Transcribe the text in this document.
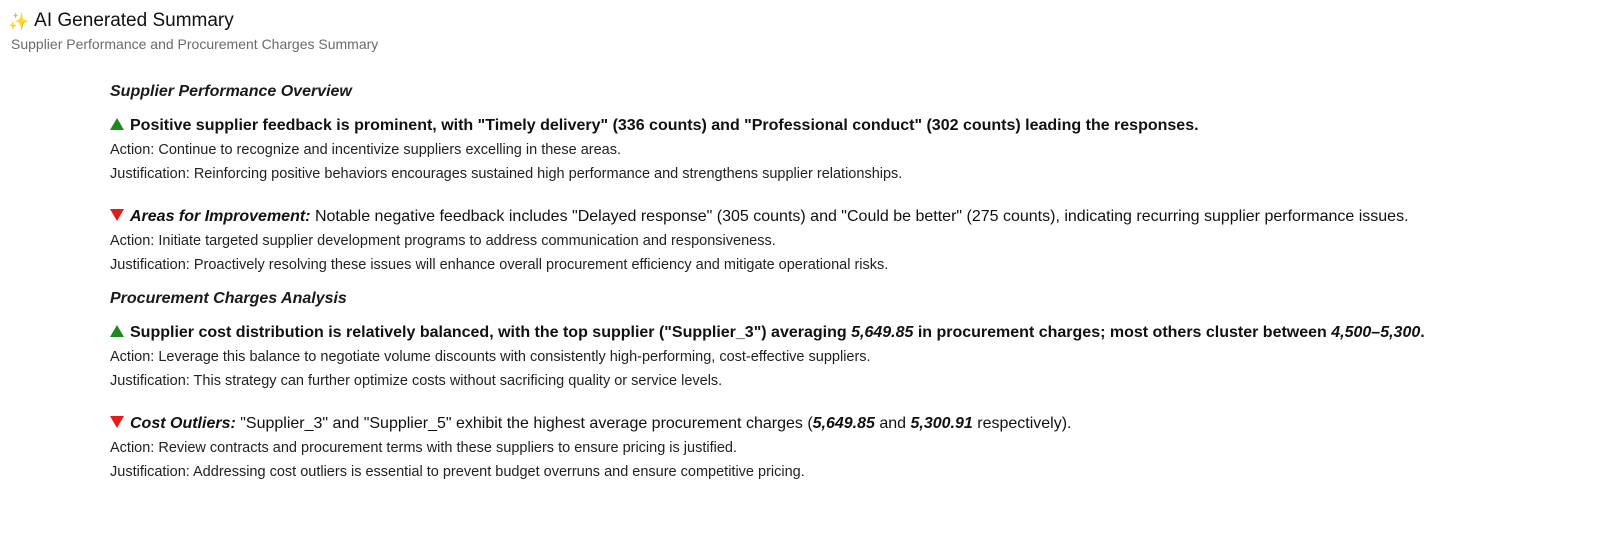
✨ AI Generated Summary
Supplier Performance and Procurement Charges Summary
Supplier Performance Overview
Positive supplier feedback is prominent, with "Timely delivery" (336 counts) and "Professional conduct" (302 counts) leading the responses.
Action: Continue to recognize and incentivize suppliers excelling in these areas.
Justification: Reinforcing positive behaviors encourages sustained high performance and strengthens supplier relationships.
Areas for Improvement: Notable negative feedback includes "Delayed response" (305 counts) and "Could be better" (275 counts), indicating recurring supplier performance issues.
Action: Initiate targeted supplier development programs to address communication and responsiveness.
Justification: Proactively resolving these issues will enhance overall procurement efficiency and mitigate operational risks.
Procurement Charges Analysis
Supplier cost distribution is relatively balanced, with the top supplier ("Supplier_3") averaging 5,649.85 in procurement charges; most others cluster between 4,500–5,300.
Action: Leverage this balance to negotiate volume discounts with consistently high-performing, cost-effective suppliers.
Justification: This strategy can further optimize costs without sacrificing quality or service levels.
Cost Outliers: "Supplier_3" and "Supplier_5" exhibit the highest average procurement charges (5,649.85 and 5,300.91 respectively).
Action: Review contracts and procurement terms with these suppliers to ensure pricing is justified.
Justification: Addressing cost outliers is essential to prevent budget overruns and ensure competitive pricing.
